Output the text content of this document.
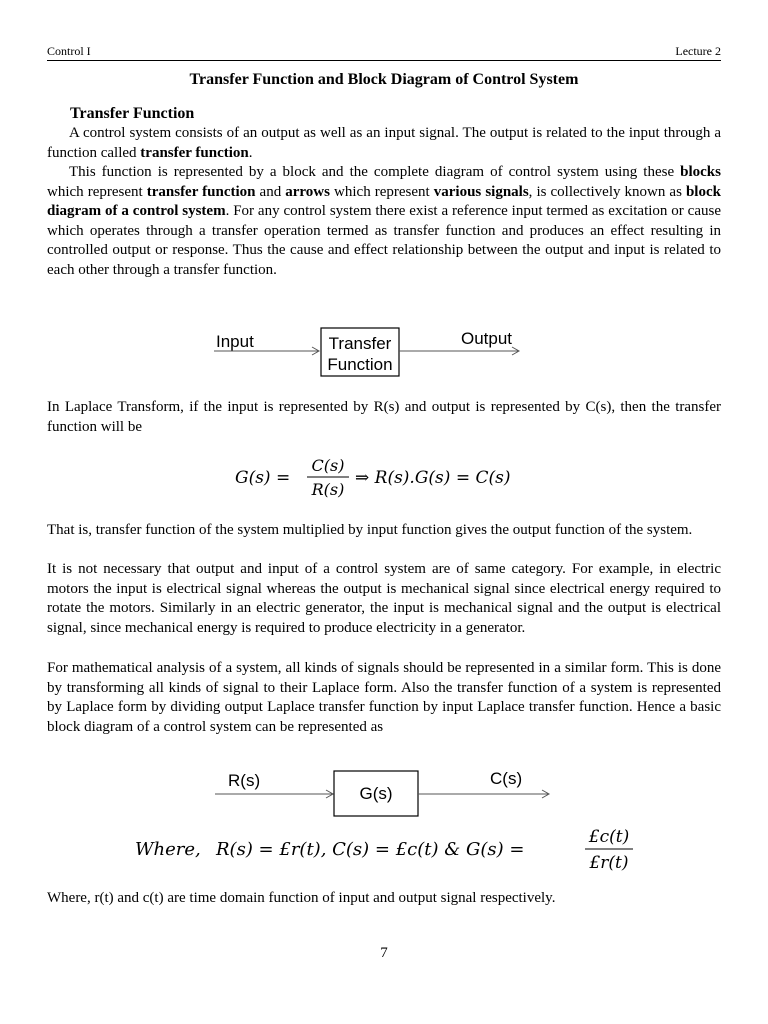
Control I	Lecture 2
Transfer Function and Block Diagram of Control System
Transfer Function

A control system consists of an output as well as an input signal. The output is related to the input through a function called transfer function.

This function is represented by a block and the complete diagram of control system using these blocks which represent transfer function and arrows which represent various signals, is collectively known as block diagram of a control system. For any control system there exist a reference input termed as excitation or cause which operates through a transfer operation termed as transfer function and produces an effect resulting in controlled output or response. Thus the cause and effect relationship between the output and input is related to each other through a transfer function.

Input	Transfer
Function
Output

In Laplace Transform, if the input is represented by R(s) and output is represented by C(s), then the transfer function will be

G(s) =
C(s)
R(s)
⇒ R(s).G(s) = C(s)

That is, transfer function of the system multiplied by input function gives the output function of the system.

It is not necessary that output and input of a control system are of same category. For example, in electric motors the input is electrical signal whereas the output is mechanical signal since electrical energy required to rotate the motors. Similarly in an electric generator, the input is mechanical signal and the output is electrical signal, since mechanical energy is required to produce electricity in a generator.

For mathematical analysis of a system, all kinds of signals should be represented in a similar form. This is done by transforming all kinds of signal to their Laplace form. Also the transfer function of a system is represented by Laplace form by dividing output Laplace transfer function by input Laplace transfer function. Hence a basic block diagram of a control system can be represented as

R(s)
G(s)
C(s)
Where, R(s) = £r(t), C(s) = £c(t) & G(s) =
£c(t)
£r(t)

Where, r(t) and c(t) are time domain function of input and output signal respectively.

7
